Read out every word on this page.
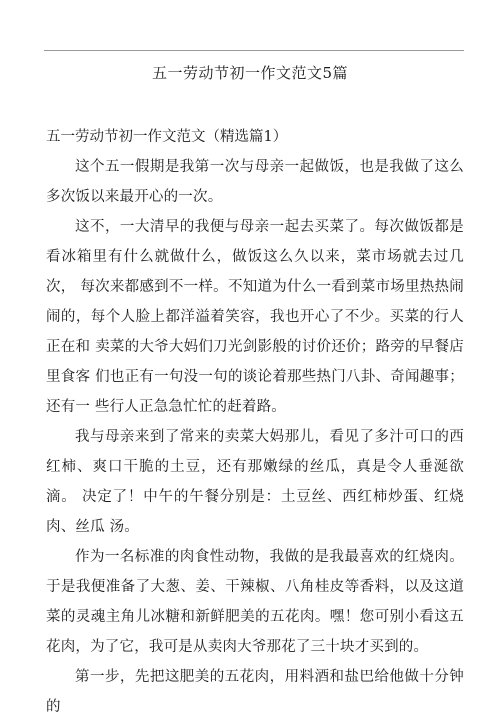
五一劳动节初一作文范文5篇
五一劳动节初一作文范文（精选篇1）

这个五一假期是我第一次与母亲一起做饭，也是我做了这么 多次饭以来最开心的一次。

这不，一大清早的我便与母亲一起去买菜了。每次做饭都是 看冰箱里有什么就做什么，做饭这么久以来，菜市场就去过几次， 每次来都感到不一样。不知道为什么一看到菜市场里热热闹闹的，每个人脸上都洋溢着笑容，我也开心了不少。买菜的行人正在和 卖菜的大爷大妈们刀光剑影般的讨价还价；路旁的早餐店里食客 们也正有一句没一句的谈论着那些热门八卦、奇闻趣事；还有一 些行人正急急忙忙的赶着路。

我与母亲来到了常来的卖菜大妈那儿，看见了多汁可口的西 红柿、爽口干脆的土豆，还有那嫩绿的丝瓜，真是令人垂涎欲滴。 决定了！中午的午餐分别是：土豆丝、西红柿炒蛋、红烧肉、丝瓜 汤。

作为一名标准的肉食性动物，我做的是我最喜欢的红烧肉。 于是我便准备了大葱、姜、干辣椒、八角桂皮等香料，以及这道 菜的灵魂主角儿冰糖和新鲜肥美的五花肉。嘿！您可别小看这五 花肉，为了它，我可是从卖肉大爷那花了三十块才买到的。

第一步，先把这肥美的五花肉，用料酒和盐巴给他做十分钟 的
